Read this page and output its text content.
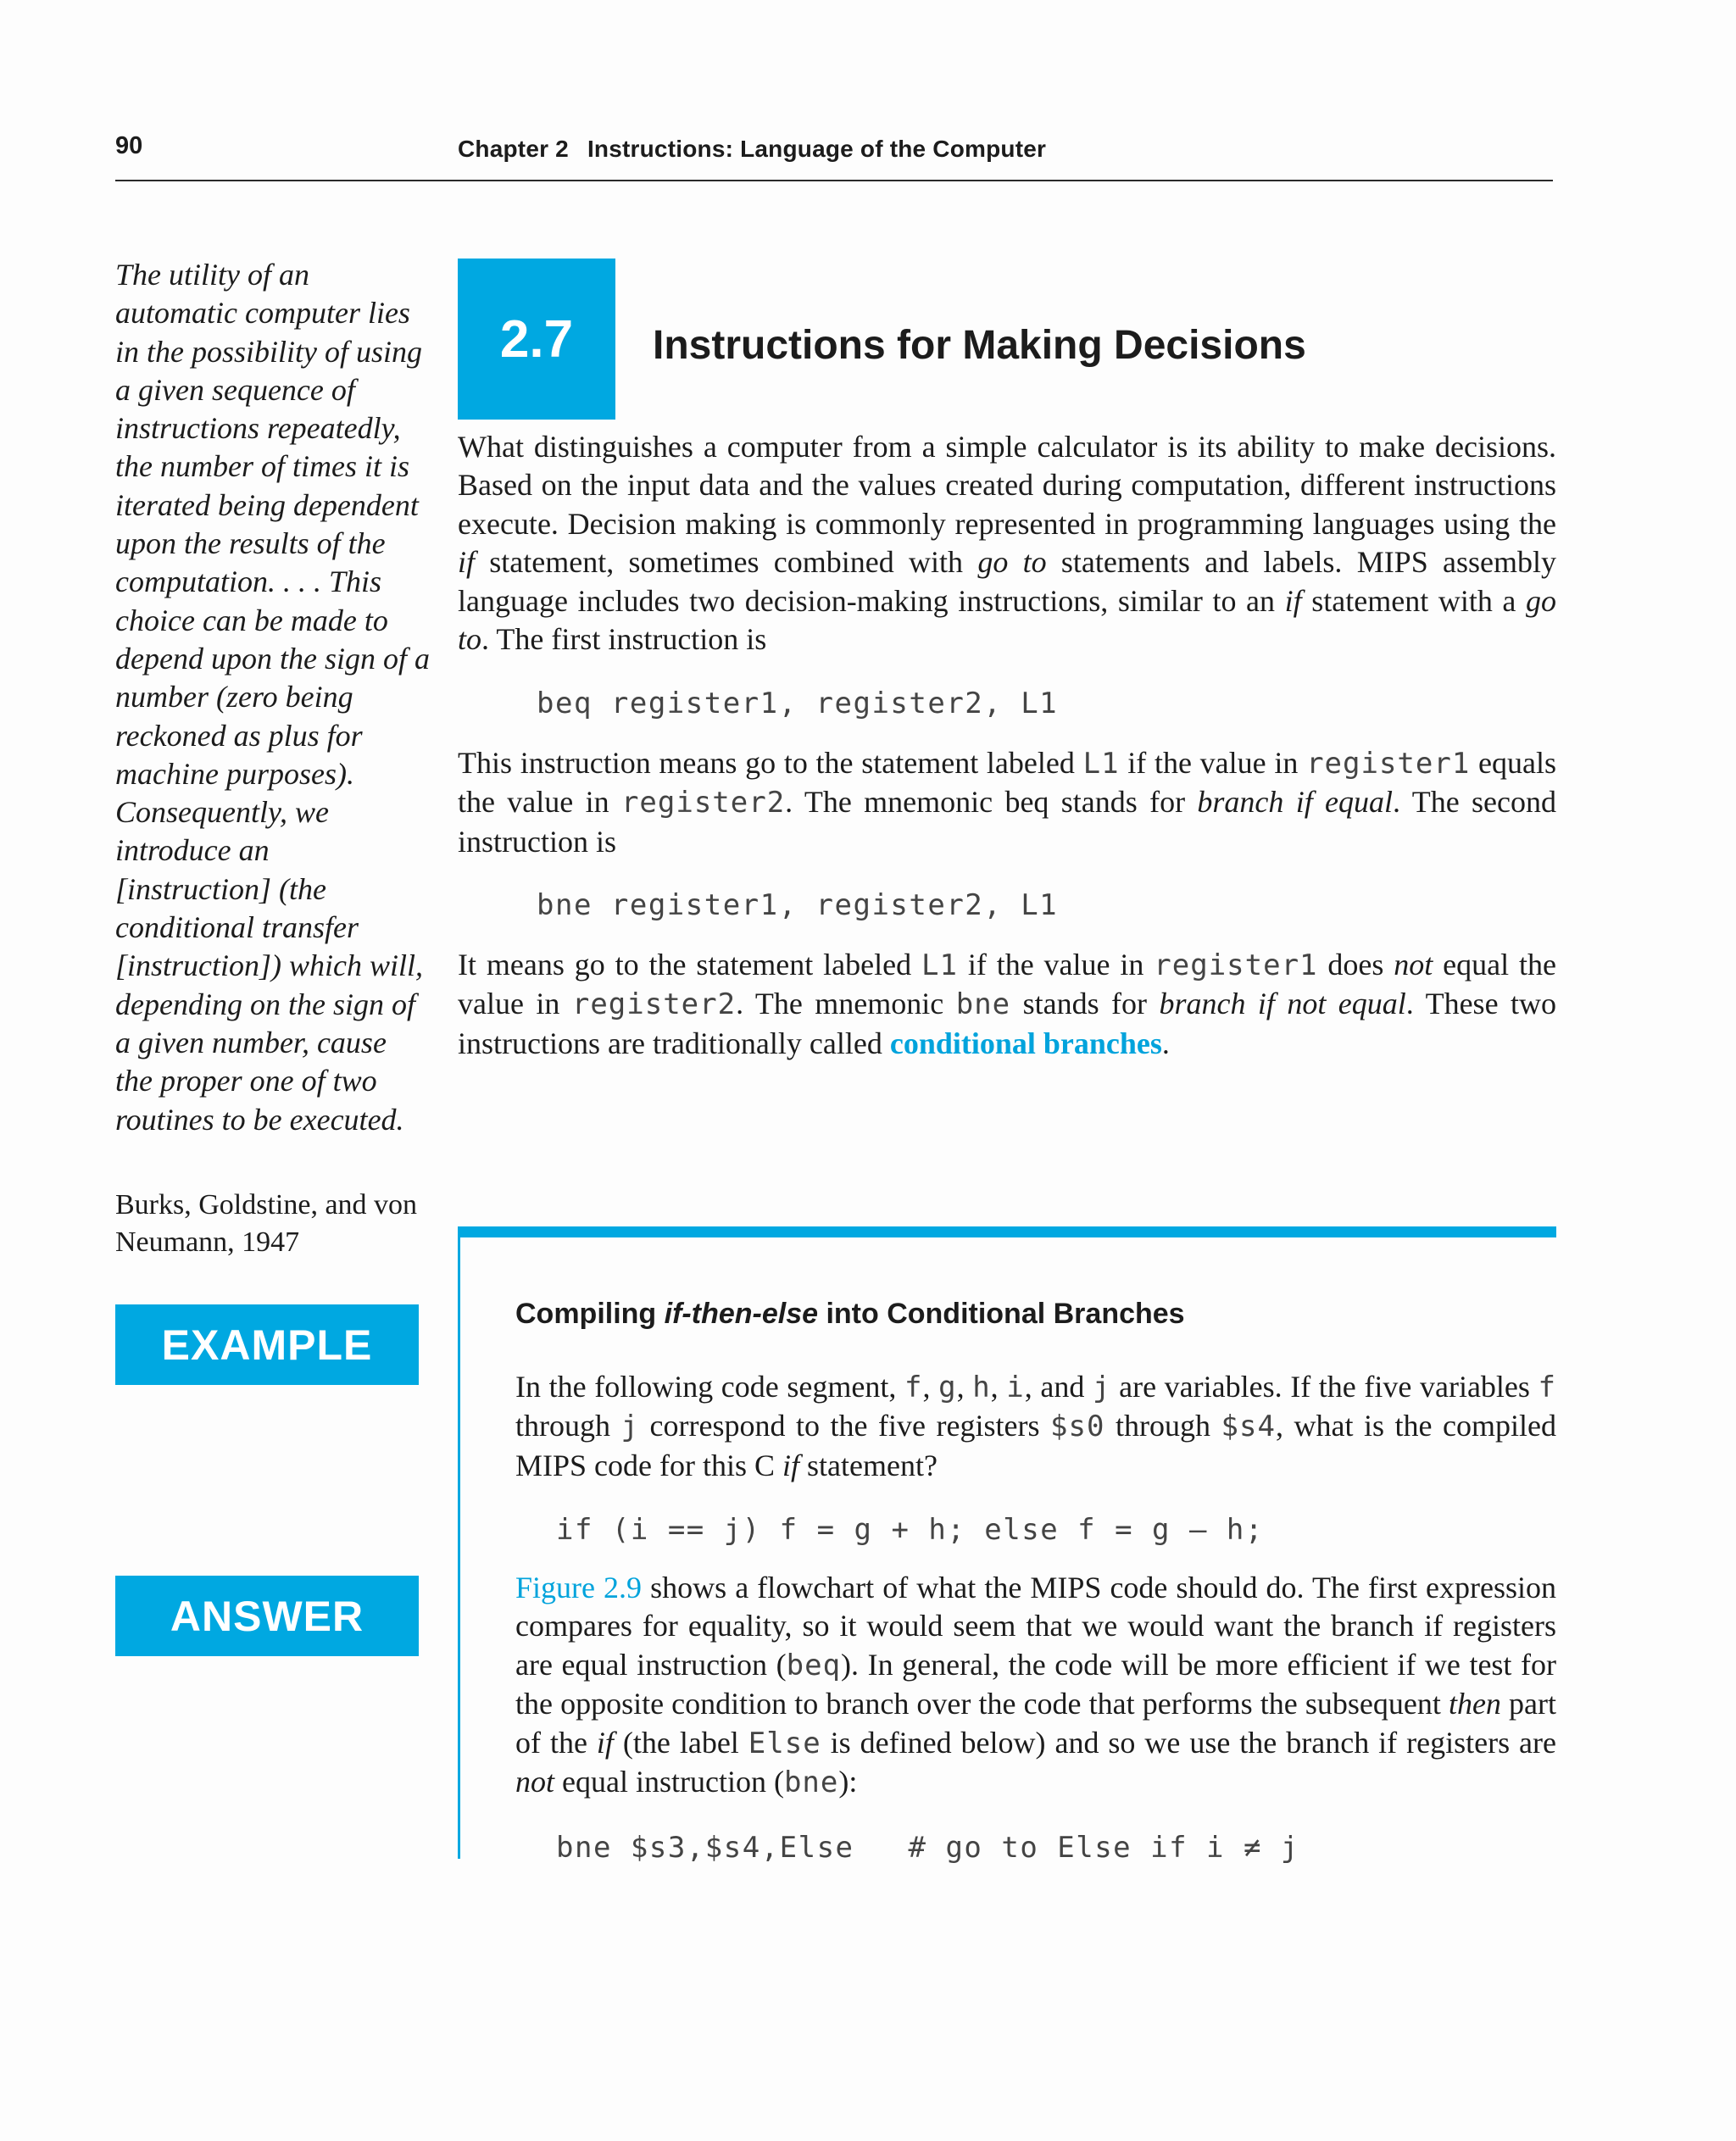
90	Chapter 2 Instructions: Language of the Computer
The utility of an automatic computer lies in the possibility of using a given sequence of instructions repeatedly, the number of times it is iterated being dependent upon the results of the computation. . . . This choice can be made to depend upon the sign of a number (zero being reckoned as plus for machine purposes). Consequently, we introduce an [instruction] (the conditional transfer [instruction]) which will, depending on the sign of a given number, cause the proper one of two routines to be executed.
Burks, Goldstine, and von Neumann, 1947
2.7	Instructions for Making Decisions
What distinguishes a computer from a simple calculator is its ability to make decisions. Based on the input data and the values created during computation, different instructions execute. Decision making is commonly represented in programming languages using the if statement, sometimes combined with go to statements and labels. MIPS assembly language includes two decision-making instructions, similar to an if statement with a go to. The first instruction is
beq register1, register2, L1
This instruction means go to the statement labeled L1 if the value in register1 equals the value in register2. The mnemonic beq stands for branch if equal. The second instruction is
bne register1, register2, L1
It means go to the statement labeled L1 if the value in register1 does not equal the value in register2. The mnemonic bne stands for branch if not equal. These two instructions are traditionally called conditional branches.
EXAMPLE
ANSWER
Compiling if-then-else into Conditional Branches
In the following code segment, f, g, h, i, and j are variables. If the five variables f through j correspond to the five registers $s0 through $s4, what is the compiled MIPS code for this C if statement?
if (i == j) f = g + h; else f = g – h;
Figure 2.9 shows a flowchart of what the MIPS code should do. The first expression compares for equality, so it would seem that we would want the branch if registers are equal instruction (beq). In general, the code will be more efficient if we test for the opposite condition to branch over the code that performs the subsequent then part of the if (the label Else is defined below) and so we use the branch if registers are not equal instruction (bne):
bne $s3,$s4,Else # go to Else if i ≠ j
